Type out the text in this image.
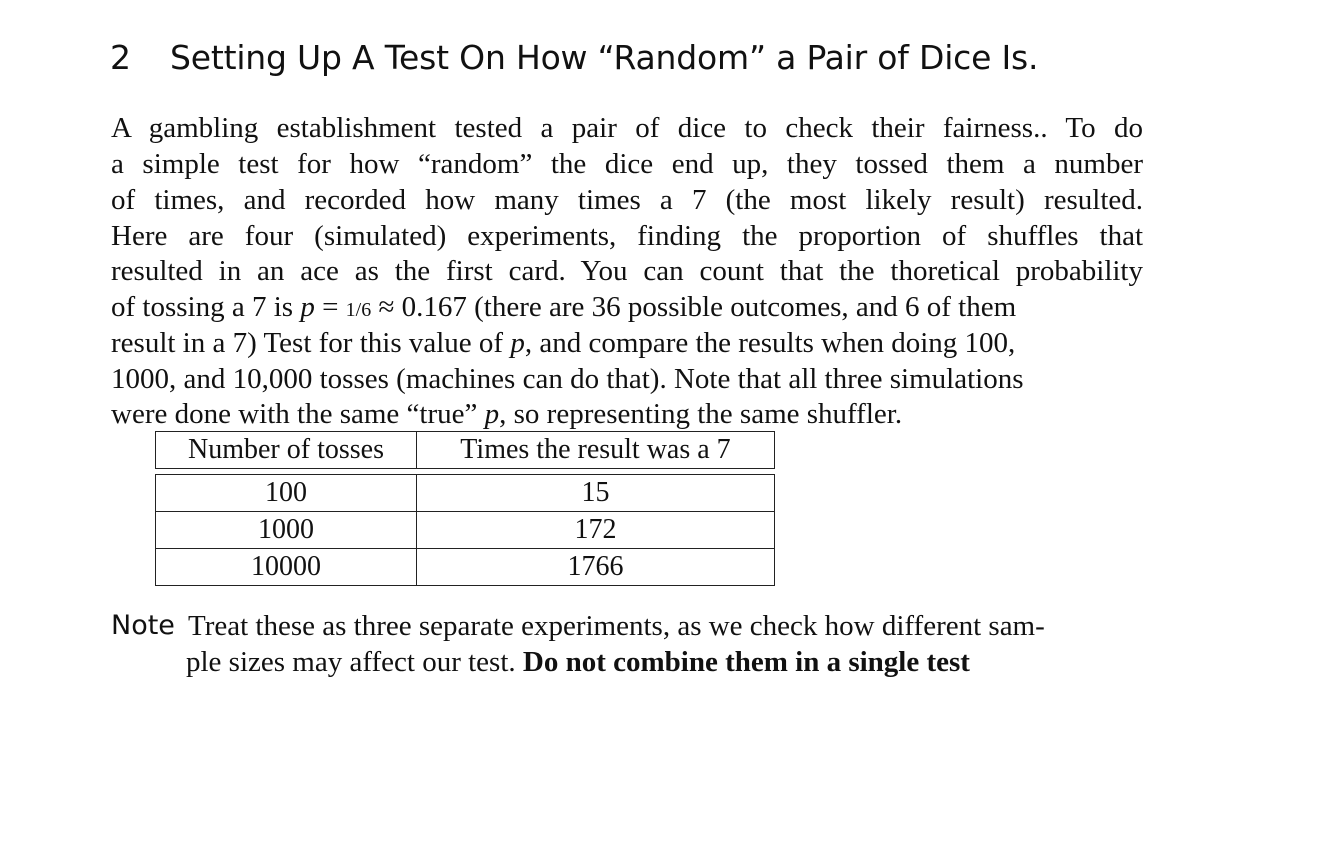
2 Setting Up A Test On How “Random” a Pair of Dice Is.
A gambling establishment tested a pair of dice to check their fairness.. To do
a simple test for how “random” the dice end up, they tossed them a number
of times, and recorded how many times a 7 (the most likely result) resulted.
Here are four (simulated) experiments, finding the proportion of shuffles that
resulted in an ace as the first card. You can count that the thoretical probability
of tossing a 7 is p = 1/6 ≈ 0.167 (there are 36 possible outcomes, and 6 of them
result in a 7) Test for this value of p, and compare the results when doing 100,
1000, and 10,000 tosses (machines can do that). Note that all three simulations
were done with the same “true” p, so representing the same shuffler.
Number of tosses	Times the result was a 7
100	15
1000	172
10000	1766
Note Treat these as three separate experiments, as we check how different sam-
ple sizes may affect our test. Do not combine them in a single test
